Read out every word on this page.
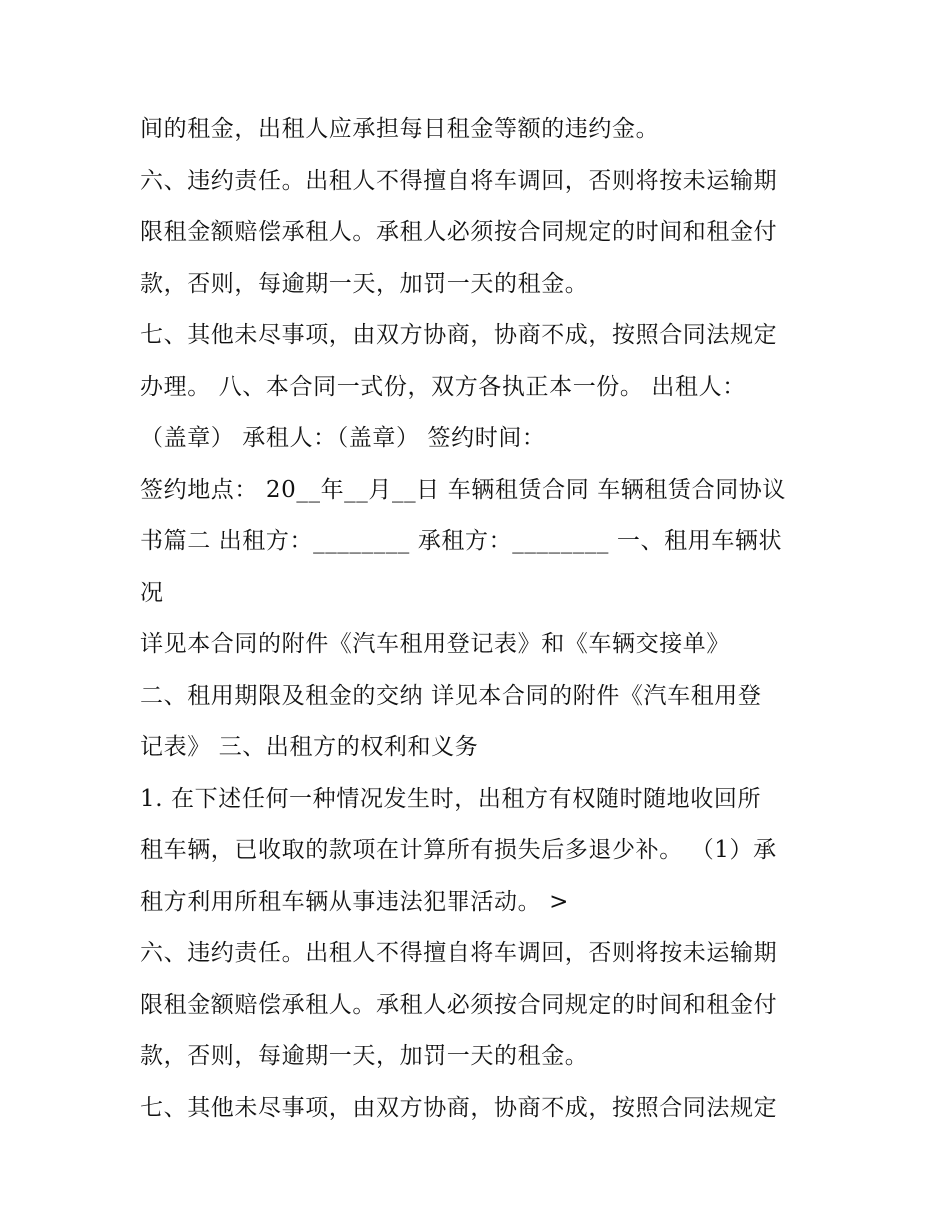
间的租金，出租人应承担每日租金等额的违约金。
六、违约责任。出租人不得擅自将车调回，否则将按未运输期
限租金额赔偿承租人。承租人必须按合同规定的时间和租金付
款，否则，每逾期一天，加罚一天的租金。
七、其他未尽事项，由双方协商，协商不成，按照合同法规定
办理。 八、本合同一式份，双方各执正本一份。 出租人：
（盖章） 承租人：（盖章） 签约时间：
签约地点： 20__年__月__日 车辆租赁合同 车辆租赁合同协议
书篇二 出租方：________ 承租方：________ 一、租用车辆状
况
详见本合同的附件《汽车租用登记表》和《车辆交接单》
二、租用期限及租金的交纳 详见本合同的附件《汽车租用登
记表》 三、出租方的权利和义务
1. 在下述任何一种情况发生时，出租方有权随时随地收回所
租车辆，已收取的款项在计算所有损失后多退少补。 （1）承
租方利用所租车辆从事违法犯罪活动。 >
六、违约责任。出租人不得擅自将车调回，否则将按未运输期
限租金额赔偿承租人。承租人必须按合同规定的时间和租金付
款，否则，每逾期一天，加罚一天的租金。
七、其他未尽事项，由双方协商，协商不成，按照合同法规定
